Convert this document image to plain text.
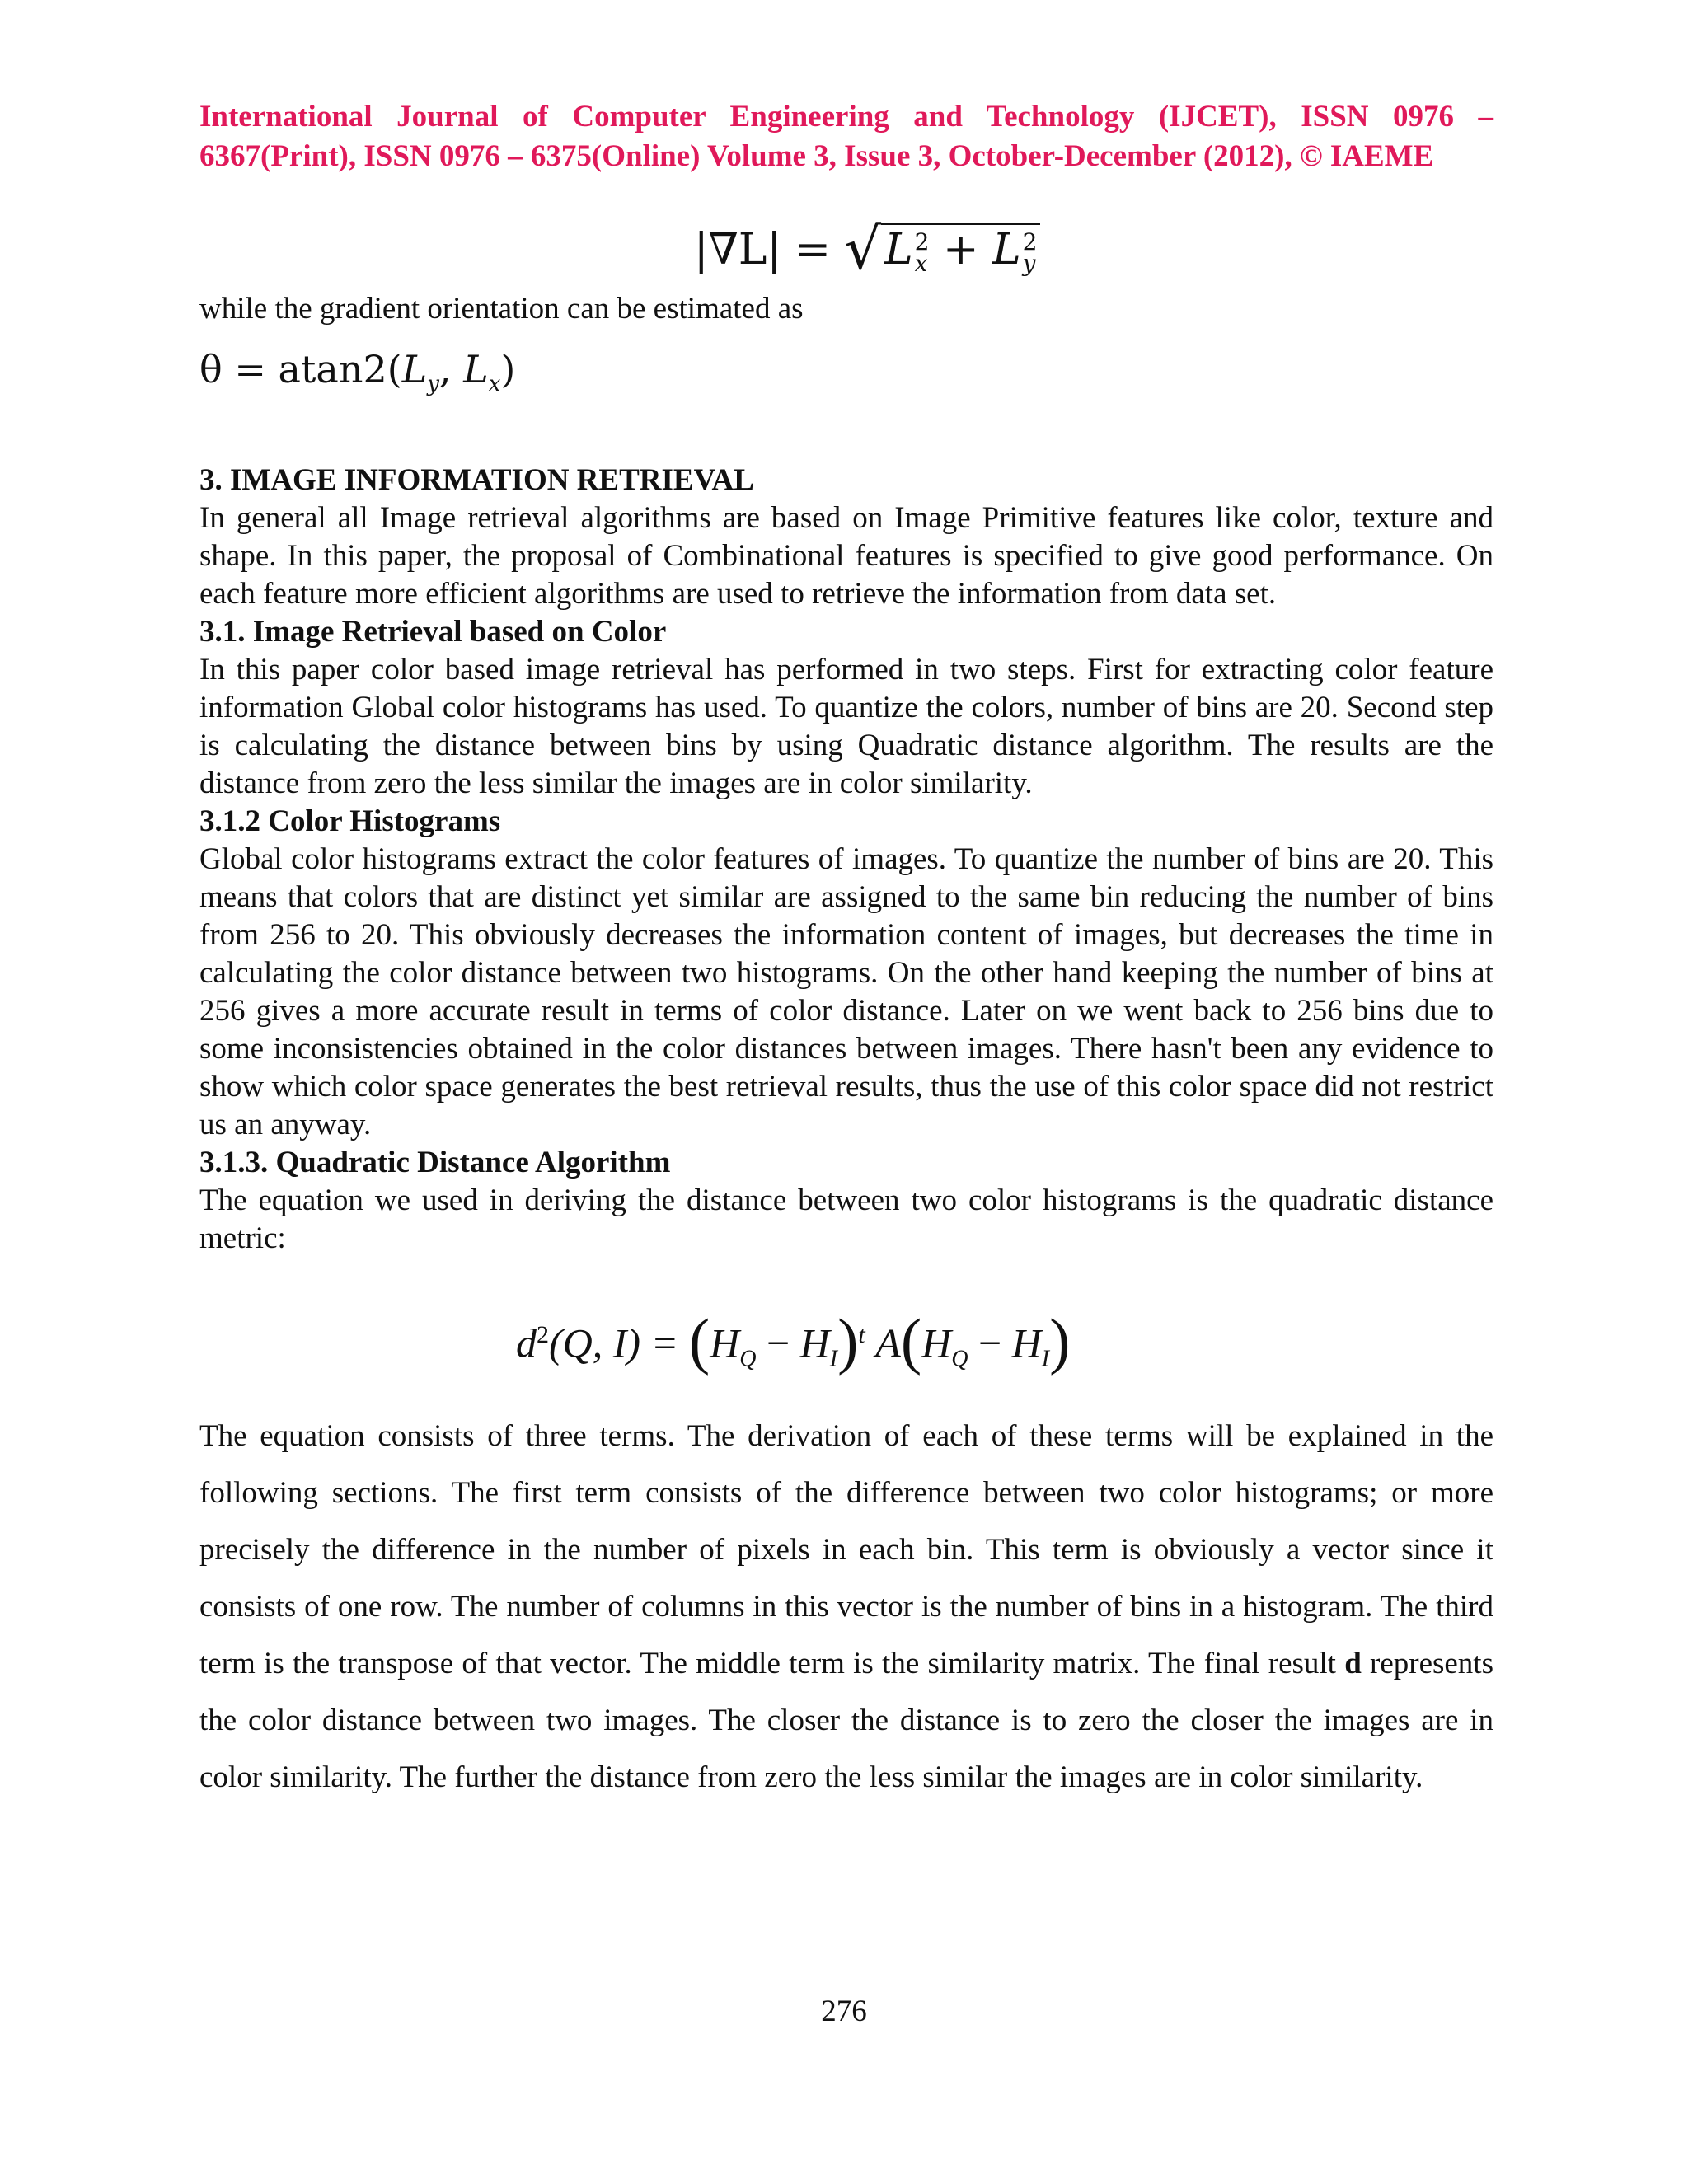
International Journal of Computer Engineering and Technology (IJCET), ISSN 0976 –
6367(Print), ISSN 0976 – 6375(Online) Volume 3, Issue 3, October-December (2012), © IAEME
|∇L| = √L 2
x + L 2
y

while the gradient orientation can be estimated as

$\theta = atan2(L_y$, $L_x$)
3. IMAGE INFORMATION RETRIEVAL

In general all Image retrieval algorithms are based on Image Primitive features like color, texture and shape. In this paper, the proposal of Combinational features is specified to give good performance. On each feature more efficient algorithms are used to retrieve the information from data set.

3.1. Image Retrieval based on Color

In this paper color based image retrieval has performed in two steps. First for extracting color feature information Global color histograms has used. To quantize the colors, number of bins are 20. Second step is calculating the distance between bins by using Quadratic distance algorithm. The results are the distance from zero the less similar the images are in color similarity.

3.1.2 Color Histograms

Global color histograms extract the color features of images. To quantize the number of bins are 20. This means that colors that are distinct yet similar are assigned to the same bin reducing the number of bins from 256 to 20. This obviously decreases the information content of images, but decreases the time in calculating the color distance between two histograms. On the other hand keeping the number of bins at 256 gives a more accurate result in terms of color distance. Later on we went back to 256 bins due to some inconsistencies obtained in the color distances between images. There hasn't been any evidence to show which color space generates the best retrieval results, thus the use of this color space did not restrict us an anyway.

3.1.3. Quadratic Distance Algorithm

The equation we used in deriving the distance between two color histograms is the quadratic distance metric:

$d^2(Q$, $I) = (H_Q - H_I)^t$ $A(H_Q - H_I)$

The equation consists of three terms. The derivation of each of these terms will be explained in the following sections. The first term consists of the difference between two color histograms; or more precisely the difference in the number of pixels in each bin. This term is obviously a vector since it consists of one row. The number of columns in this vector is the number of bins in a histogram. The third term is the transpose of that vector. The middle term is the similarity matrix. The final result d represents the color distance between two images. The closer the distance is to zero the closer the images are in color similarity. The further the distance from zero the less similar the images are in color similarity.

276
